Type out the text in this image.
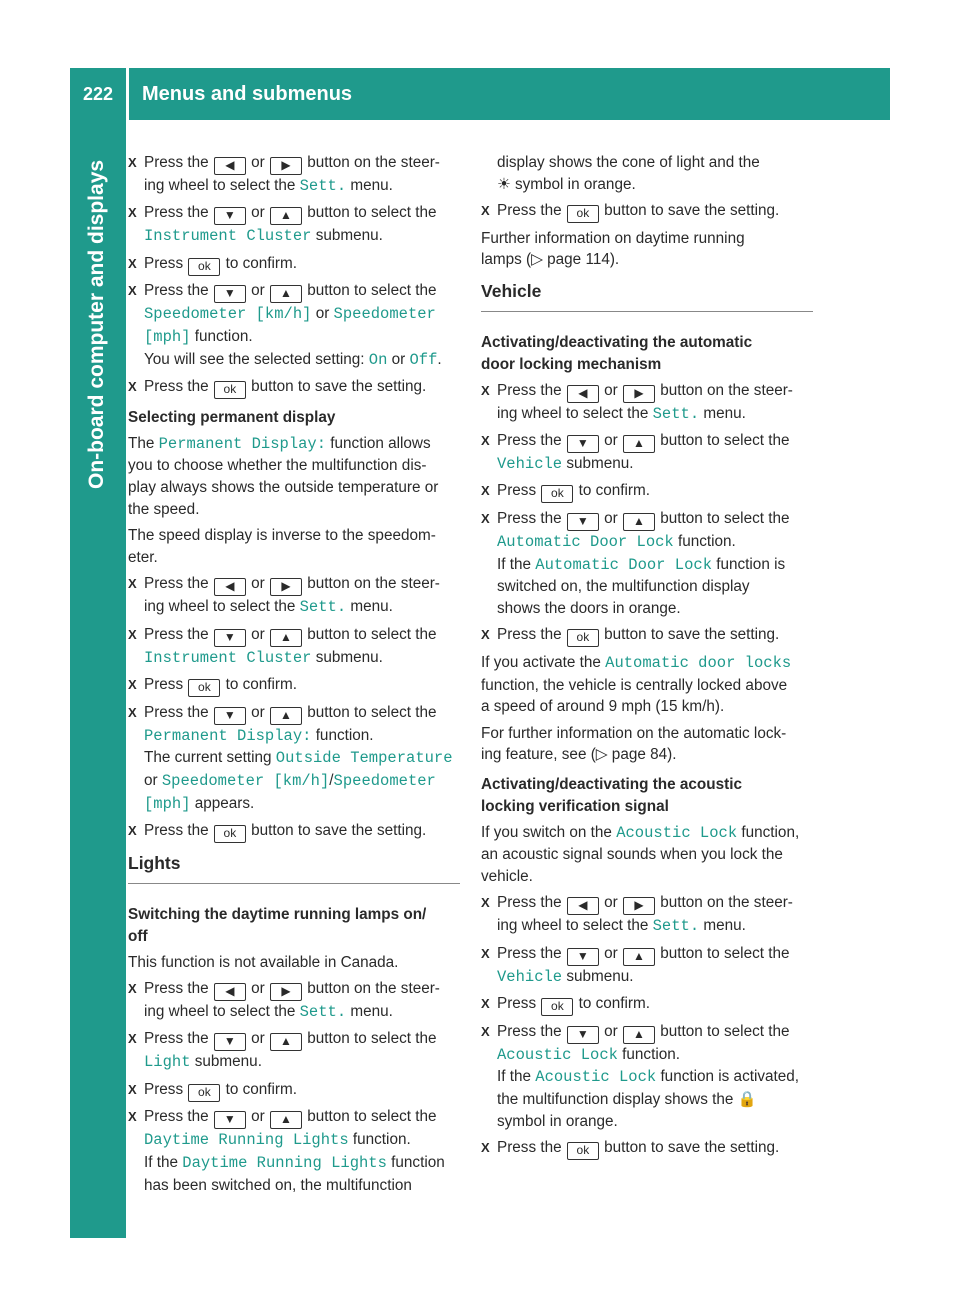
222	Menus and submenus
On-board computer and displays X Press the ◀ or ▶ button on the steer-
ing wheel to select the Sett. menu.
X Press the ▼ or ▲ button to select the
Instrument Cluster submenu.
X Press ok to confirm.
X Press the ▼ or ▲ button to select the
Speedometer [km/h] or Speedometer
[mph] function.
You will see the selected setting: On or Off.
X Press the ok button to save the setting.
Selecting permanent display
The Permanent Display: function allows
you to choose whether the multifunction dis-
play always shows the outside temperature or
the speed.
The speed display is inverse to the speedom-
eter.
X Press the ◀ or ▶ button on the steer-
ing wheel to select the Sett. menu.
X Press the ▼ or ▲ button to select the
Instrument Cluster submenu.
X Press ok to confirm.
X Press the ▼ or ▲ button to select the
Permanent Display: function.
The current setting Outside Temperature
or Speedometer [km/h]/Speedometer
[mph] appears.
X Press the ok button to save the setting.
Lights
Switching the daytime running lamps on/
off
This function is not available in Canada.
X Press the ◀ or ▶ button on the steer-
ing wheel to select the Sett. menu.
X Press the ▼ or ▲ button to select the
Light submenu.
X Press ok to confirm.
X Press the ▼ or ▲ button to select the
Daytime Running Lights function.
If the Daytime Running Lights function
has been switched on, the multifunction
display shows the cone of light and the
☀ symbol in orange.
X Press the ok button to save the setting.
Further information on daytime running
lamps (▷ page 114).
Vehicle
Activating/deactivating the automatic
door locking mechanism
X Press the ◀ or ▶ button on the steer-
ing wheel to select the Sett. menu.
X Press the ▼ or ▲ button to select the
Vehicle submenu.
X Press ok to confirm.
X Press the ▼ or ▲ button to select the
Automatic Door Lock function.
If the Automatic Door Lock function is
switched on, the multifunction display
shows the doors in orange.
X Press the ok button to save the setting.
If you activate the Automatic door locks
function, the vehicle is centrally locked above
a speed of around 9 mph (15 km/h).
For further information on the automatic lock-
ing feature, see (▷ page 84).
Activating/deactivating the acoustic
locking verification signal
If you switch on the Acoustic Lock function,
an acoustic signal sounds when you lock the
vehicle.
X Press the ◀ or ▶ button on the steer-
ing wheel to select the Sett. menu.
X Press the ▼ or ▲ button to select the
Vehicle submenu.
X Press ok to confirm.
X Press the ▼ or ▲ button to select the
Acoustic Lock function.
If the Acoustic Lock function is activated,
the multifunction display shows the 🔒
symbol in orange.
X Press the ok button to save the setting.
